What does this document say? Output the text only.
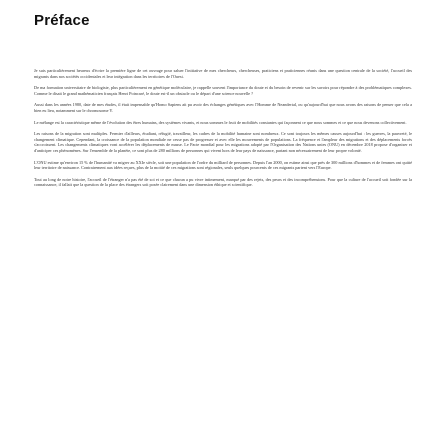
Préface

Je suis particulièrement heureux d'écrire la première ligne de cet ouvrage pour saluer l'initiative de mes chercheurs, chercheuses, praticiens et praticiennes réunis dans une question centrale de la société, l'accueil des migrants dans nos sociétés occidentales et leur intégration dans les territoires de l'Ouest.

De ma formation universitaire de biologiste, plus particulièrement en génétique moléculaire, je rappelle souvent l'importance du doute et du besoin de revenir sur les savoirs pour répondre à des problématiques complexes. Comme le disait le grand mathématicien français Henri Poincaré, le doute est-il un obstacle ou le départ d'une science nouvelle ?

Aussi dans les années 1980, date de mes études, il était impensable qu'Homo Sapiens ait pu avoir des échanges génétiques avec l'Homme de Neandertal, ou qu'aujourd'hui que nous avons des raisons de penser que cela a bien eu lieu, notamment sur le chromosome Y.

Le mélange est la caractéristique même de l'évolution des êtres humains, des systèmes vivants, et nous sommes le fruit de mobilités constantes qui façonnent ce que nous sommes et ce que nous devenons collectivement.

Les raisons de la migration sont multiples. Fermier d'ailleurs, étudiant, réfugié, travailleur, les cadres de la mobilité humaine sont nombreux. Ce sont toujours les mêmes causes aujourd'hui : les guerres, la pauvreté, le changement climatique. Cependant, la croissance de la population mondiale ne cesse pas de progresser et avec elle les mouvements de populations. La fréquence et l'ampleur des migrations et des déplacements forcés s'accroissent. Les changements climatiques vont accélérer les déplacements de masse. Le Pacte mondial pour les migrations adopté par l'Organisation des Nations unies (ONU) en décembre 2018 propose d'organiser et d'anticiper ces phénomènes. Sur l'ensemble de la planète, ce sont plus de 280 millions de personnes qui vivent hors de leur pays de naissance, partant non nécessairement de leur propre volonté.

L'ONU estime qu'environ 15 % de l'humanité va migrer au XXIe siècle, soit une population de l'ordre du milliard de personnes. Depuis l'an 2000, on estime ainsi que près de 300 millions d'hommes et de femmes ont quitté leur territoire de naissance. Contrairement aux idées reçues, plus de la moitié de ces migrations sont régionales, seuls quelques pourcents de ces migrants partent vers l'Europe.

Tout au long de notre histoire, l'accueil de l'étranger n'a pas été de soi et ce que chacun a pu vivre intimement, marqué par des rejets, des peurs et des incompréhensions. Pour que la culture de l'accueil soit fondée sur la connaissance, il fallait que la question de la place des étrangers soit posée clairement dans une dimension éthique et scientifique.
